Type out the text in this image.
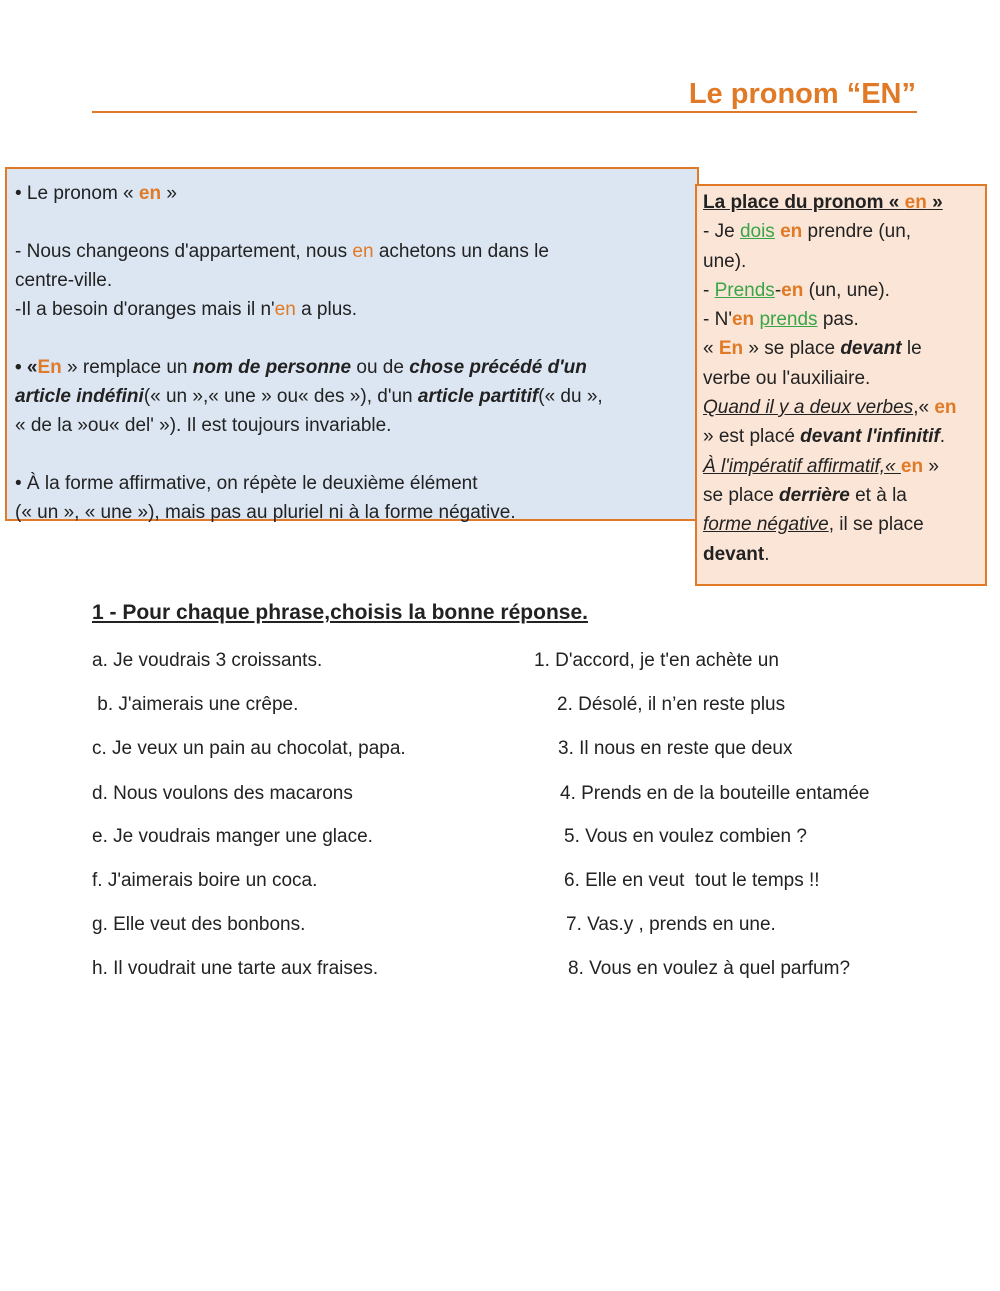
Le pronom “EN”
• Le pronom « en »
- Nous changeons d'appartement, nous en achetons un dans le
centre-ville.
-Il a besoin d'oranges mais il n'en a plus.
• «En » remplace un nom de personne ou de chose précédé d'un
article indéfini(« un »,« une » ou« des »), d'un article partitif(« du »,
« de la »ou« del' »). Il est toujours invariable.
• À la forme affirmative, on répète le deuxième élément
(« un », « une »), mais pas au pluriel ni à la forme négative.
La place du pronom « en »
- Je dois en prendre (un,
une).
- Prends-en (un, une).
- N'en prends pas.
« En » se place devant le
verbe ou l'auxiliaire.
Quand il y a deux verbes,« en
» est placé devant l'infinitif.
À l'impératif affirmatif,« en »
se place derrière et à la
forme négative, il se place
devant.
1 - Pour chaque phrase,choisis la bonne réponse.
a. Je voudrais 3 croissants.
b. J'aimerais une crêpe.
c. Je veux un pain au chocolat, papa.
d. Nous voulons des macarons
e. Je voudrais manger une glace.
f. J'aimerais boire un coca.
g. Elle veut des bonbons.
h. Il voudrait une tarte aux fraises.
1. D'accord, je t'en achète un
2. Désolé, il n’en reste plus
3. Il nous en reste que deux
4. Prends en de la bouteille entamée
5. Vous en voulez combien ?
6. Elle en veut  tout le temps !!
7. Vas.y , prends en une.
8. Vous en voulez à quel parfum?
